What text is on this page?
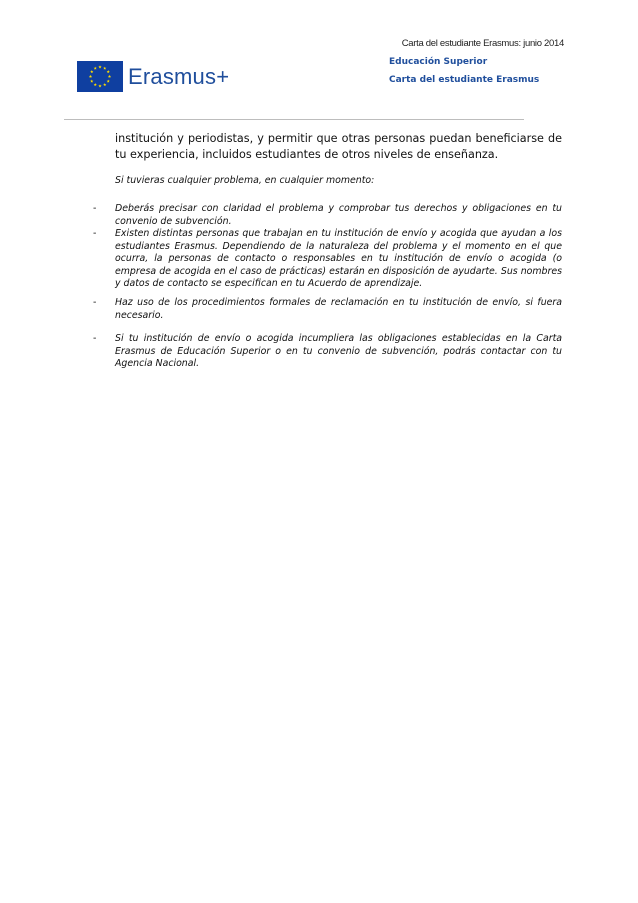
Carta del estudiante Erasmus: junio 2014
Educación Superior
Carta del estudiante Erasmus
Erasmus+

institución y periodistas, y permitir que otras personas puedan beneficiarse de tu experiencia, incluidos estudiantes de otros niveles de enseñanza.

Si tuvieras cualquier problema, en cualquier momento:

-	Deberás precisar con claridad el problema y comprobar tus derechos y obligaciones en tu convenio de subvención.
-	Existen distintas personas que trabajan en tu institución de envío y acogida que ayudan a los estudiantes Erasmus. Dependiendo de la naturaleza del problema y el momento en el que ocurra, la personas de contacto o responsables en tu institución de envío o acogida (o empresa de acogida en el caso de prácticas) estarán en disposición de ayudarte. Sus nombres y datos de contacto se especifican en tu Acuerdo de aprendizaje.
-	Haz uso de los procedimientos formales de reclamación en tu institución de envío, si fuera necesario.
-	Si tu institución de envío o acogida incumpliera las obligaciones establecidas en la Carta Erasmus de Educación Superior o en tu convenio de subvención, podrás contactar con tu Agencia Nacional.
